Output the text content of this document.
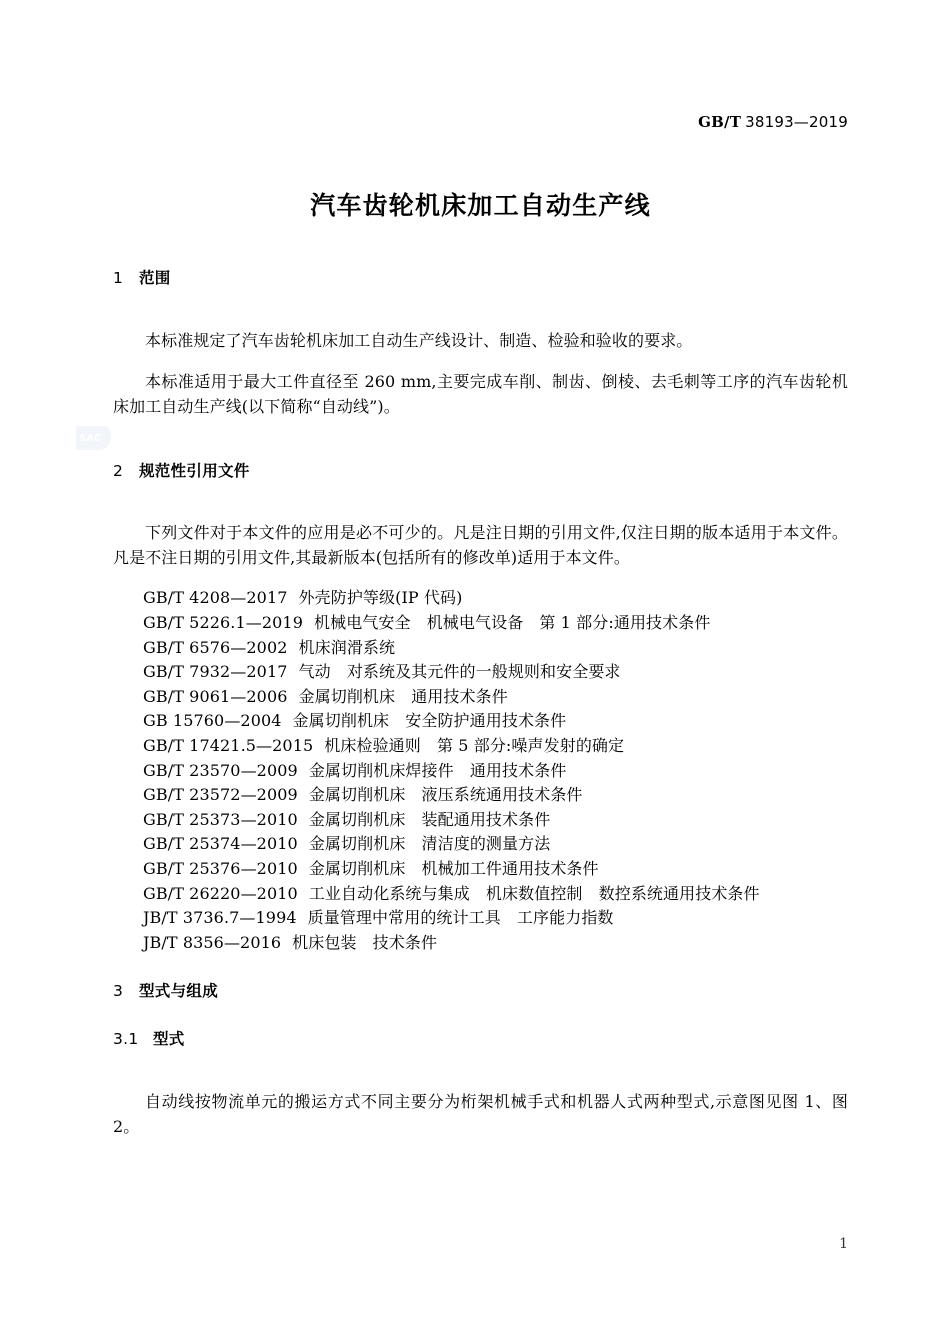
GB/T 38193—2019
汽车齿轮机床加工自动生产线
SAC
1 范围

本标准规定了汽车齿轮机床加工自动生产线设计、制造、检验和验收的要求。

本标准适用于最大工件直径至 260 mm,主要完成车削、制齿、倒棱、去毛刺等工序的汽车齿轮机床加工自动生产线(以下简称“自动线”)。

2 规范性引用文件

下列文件对于本文件的应用是必不可少的。凡是注日期的引用文件,仅注日期的版本适用于本文件。凡是不注日期的引用文件,其最新版本(包括所有的修改单)适用于本文件。

GB/T 4208—2017 外壳防护等级(IP 代码)
GB/T 5226.1—2019 机械电气安全　机械电气设备　第 1 部分:通用技术条件
GB/T 6576—2002 机床润滑系统
GB/T 7932—2017 气动　对系统及其元件的一般规则和安全要求
GB/T 9061—2006 金属切削机床　通用技术条件
GB 15760—2004 金属切削机床　安全防护通用技术条件
GB/T 17421.5—2015 机床检验通则　第 5 部分:噪声发射的确定
GB/T 23570—2009 金属切削机床焊接件　通用技术条件
GB/T 23572—2009 金属切削机床　液压系统通用技术条件
GB/T 25373—2010 金属切削机床　装配通用技术条件
GB/T 25374—2010 金属切削机床　清洁度的测量方法
GB/T 25376—2010 金属切削机床　机械加工件通用技术条件
GB/T 26220—2010 工业自动化系统与集成　机床数值控制　数控系统通用技术条件
JB/T 3736.7—1994 质量管理中常用的统计工具　工序能力指数
JB/T 8356—2016 机床包装　技术条件
3 型式与组成
3.1 型式

自动线按物流单元的搬运方式不同主要分为桁架机械手式和机器人式两种型式,示意图见图 1、图 2。

1
